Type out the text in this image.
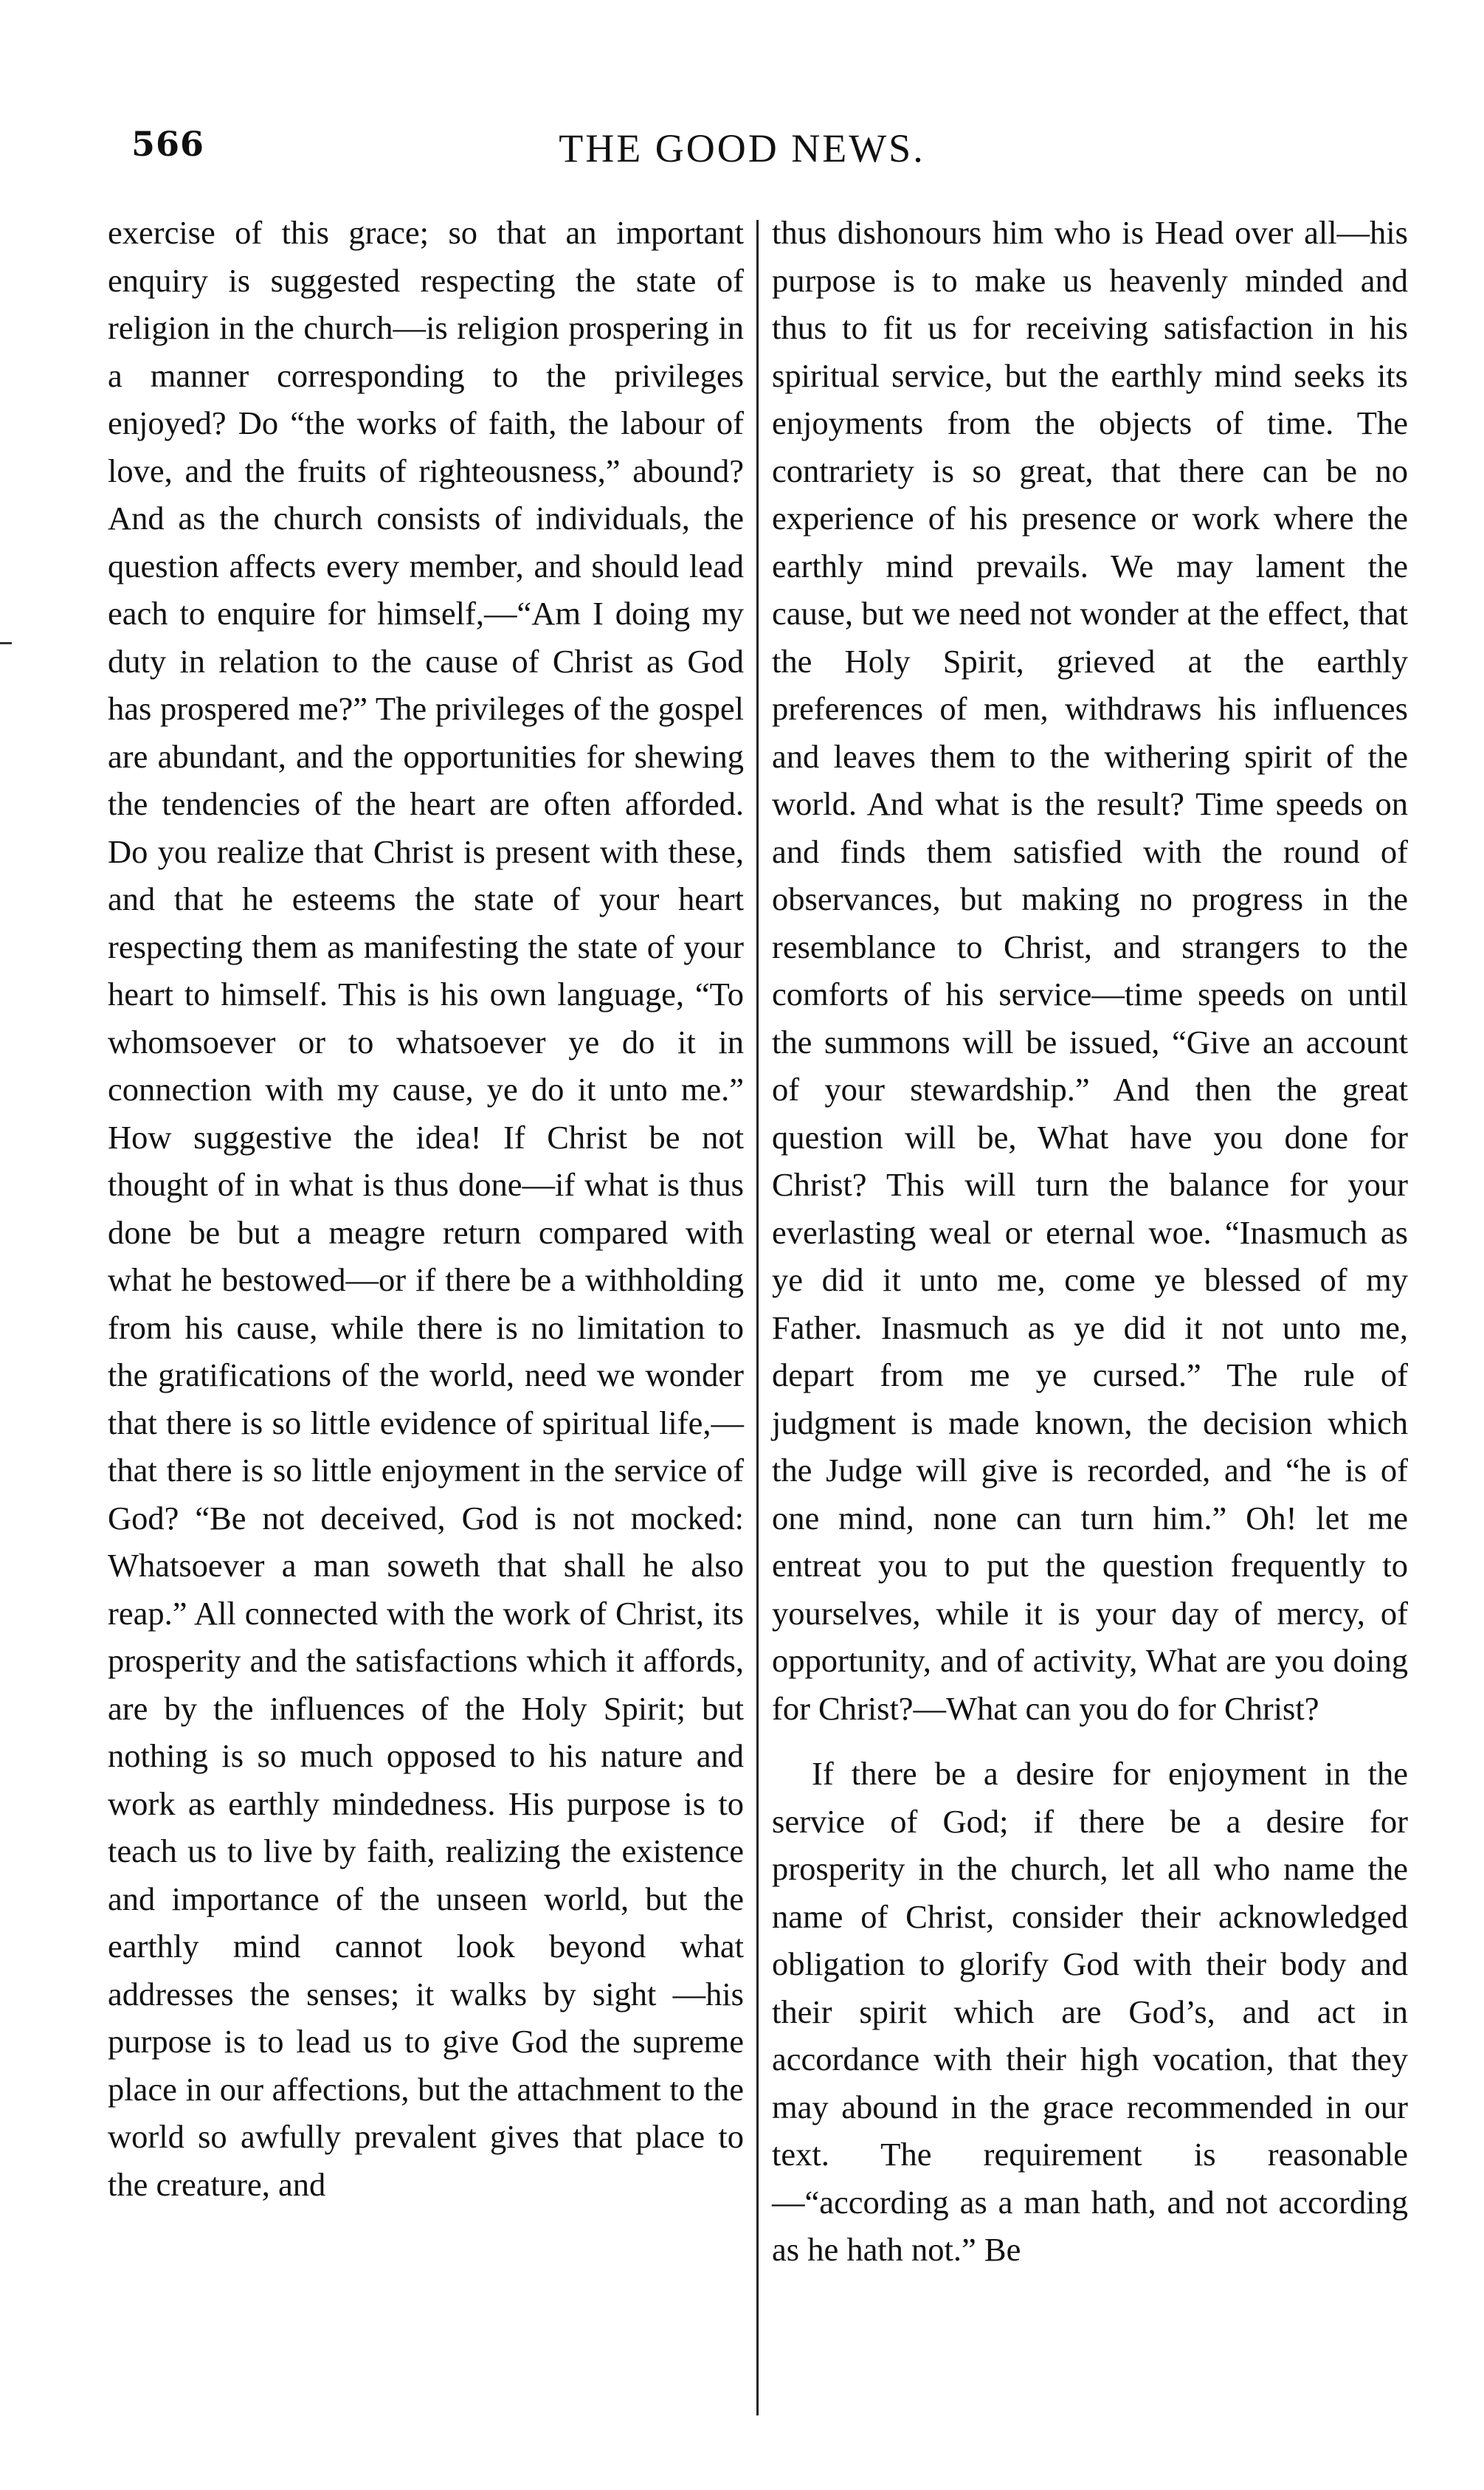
566	THE GOOD NEWS.

exercise of this grace; so that an important enquiry is suggested respecting the state of religion in the church—is religion prospering in a manner corresponding to the privileges enjoyed? Do “the works of faith, the labour of love, and the fruits of righteousness,” abound? And as the church consists of individuals, the question affects every member, and should lead each to enquire for himself,—“Am I doing my duty in relation to the cause of Christ as God has prospered me?” The privileges of the gospel are abundant, and the opportunities for shewing the tendencies of the heart are often afforded. Do you realize that Christ is present with these, and that he esteems the state of your heart respecting them as manifesting the state of your heart to himself. This is his own language, “To whomsoever or to whatsoever ye do it in connection with my cause, ye do it unto me.” How suggestive the idea! If Christ be not thought of in what is thus done—if what is thus done be but a meagre return compared with what he bestowed—or if there be a withholding from his cause, while there is no limitation to the gratifications of the world, need we wonder that there is so little evidence of spiritual life,—that there is so little enjoyment in the service of God? “Be not deceived, God is not mocked: Whatsoever a man soweth that shall he also reap.” All connected with the work of Christ, its prosperity and the satisfactions which it affords, are by the influences of the Holy Spirit; but nothing is so much opposed to his nature and work as earthly mindedness. His purpose is to teach us to live by faith, realizing the existence and importance of the unseen world, but the earthly mind cannot look beyond what addresses the senses; it walks by sight —his purpose is to lead us to give God the supreme place in our affections, but the attachment to the world so awfully prevalent gives that place to the creature, and

thus dishonours him who is Head over all—his purpose is to make us heavenly minded and thus to fit us for receiving satisfaction in his spiritual service, but the earthly mind seeks its enjoyments from the objects of time. The contrariety is so great, that there can be no experience of his presence or work where the earthly mind prevails. We may lament the cause, but we need not wonder at the effect, that the Holy Spirit, grieved at the earthly preferences of men, withdraws his influences and leaves them to the withering spirit of the world. And what is the result? Time speeds on and finds them satisfied with the round of observances, but making no progress in the resemblance to Christ, and strangers to the comforts of his service—time speeds on until the summons will be issued, “Give an account of your stewardship.” And then the great question will be, What have you done for Christ? This will turn the balance for your everlasting weal or eternal woe. “Inasmuch as ye did it unto me, come ye blessed of my Father. Inasmuch as ye did it not unto me, depart from me ye cursed.” The rule of judgment is made known, the decision which the Judge will give is recorded, and “he is of one mind, none can turn him.” Oh! let me entreat you to put the question frequently to yourselves, while it is your day of mercy, of opportunity, and of activity, What are you doing for Christ?—What can you do for Christ?

If there be a desire for enjoyment in the service of God; if there be a desire for prosperity in the church, let all who name the name of Christ, consider their acknowledged obligation to glorify God with their body and their spirit which are God’s, and act in accordance with their high vocation, that they may abound in the grace recommended in our text. The requirement is reasonable—“according as a man hath, and not according as he hath not.” Be
